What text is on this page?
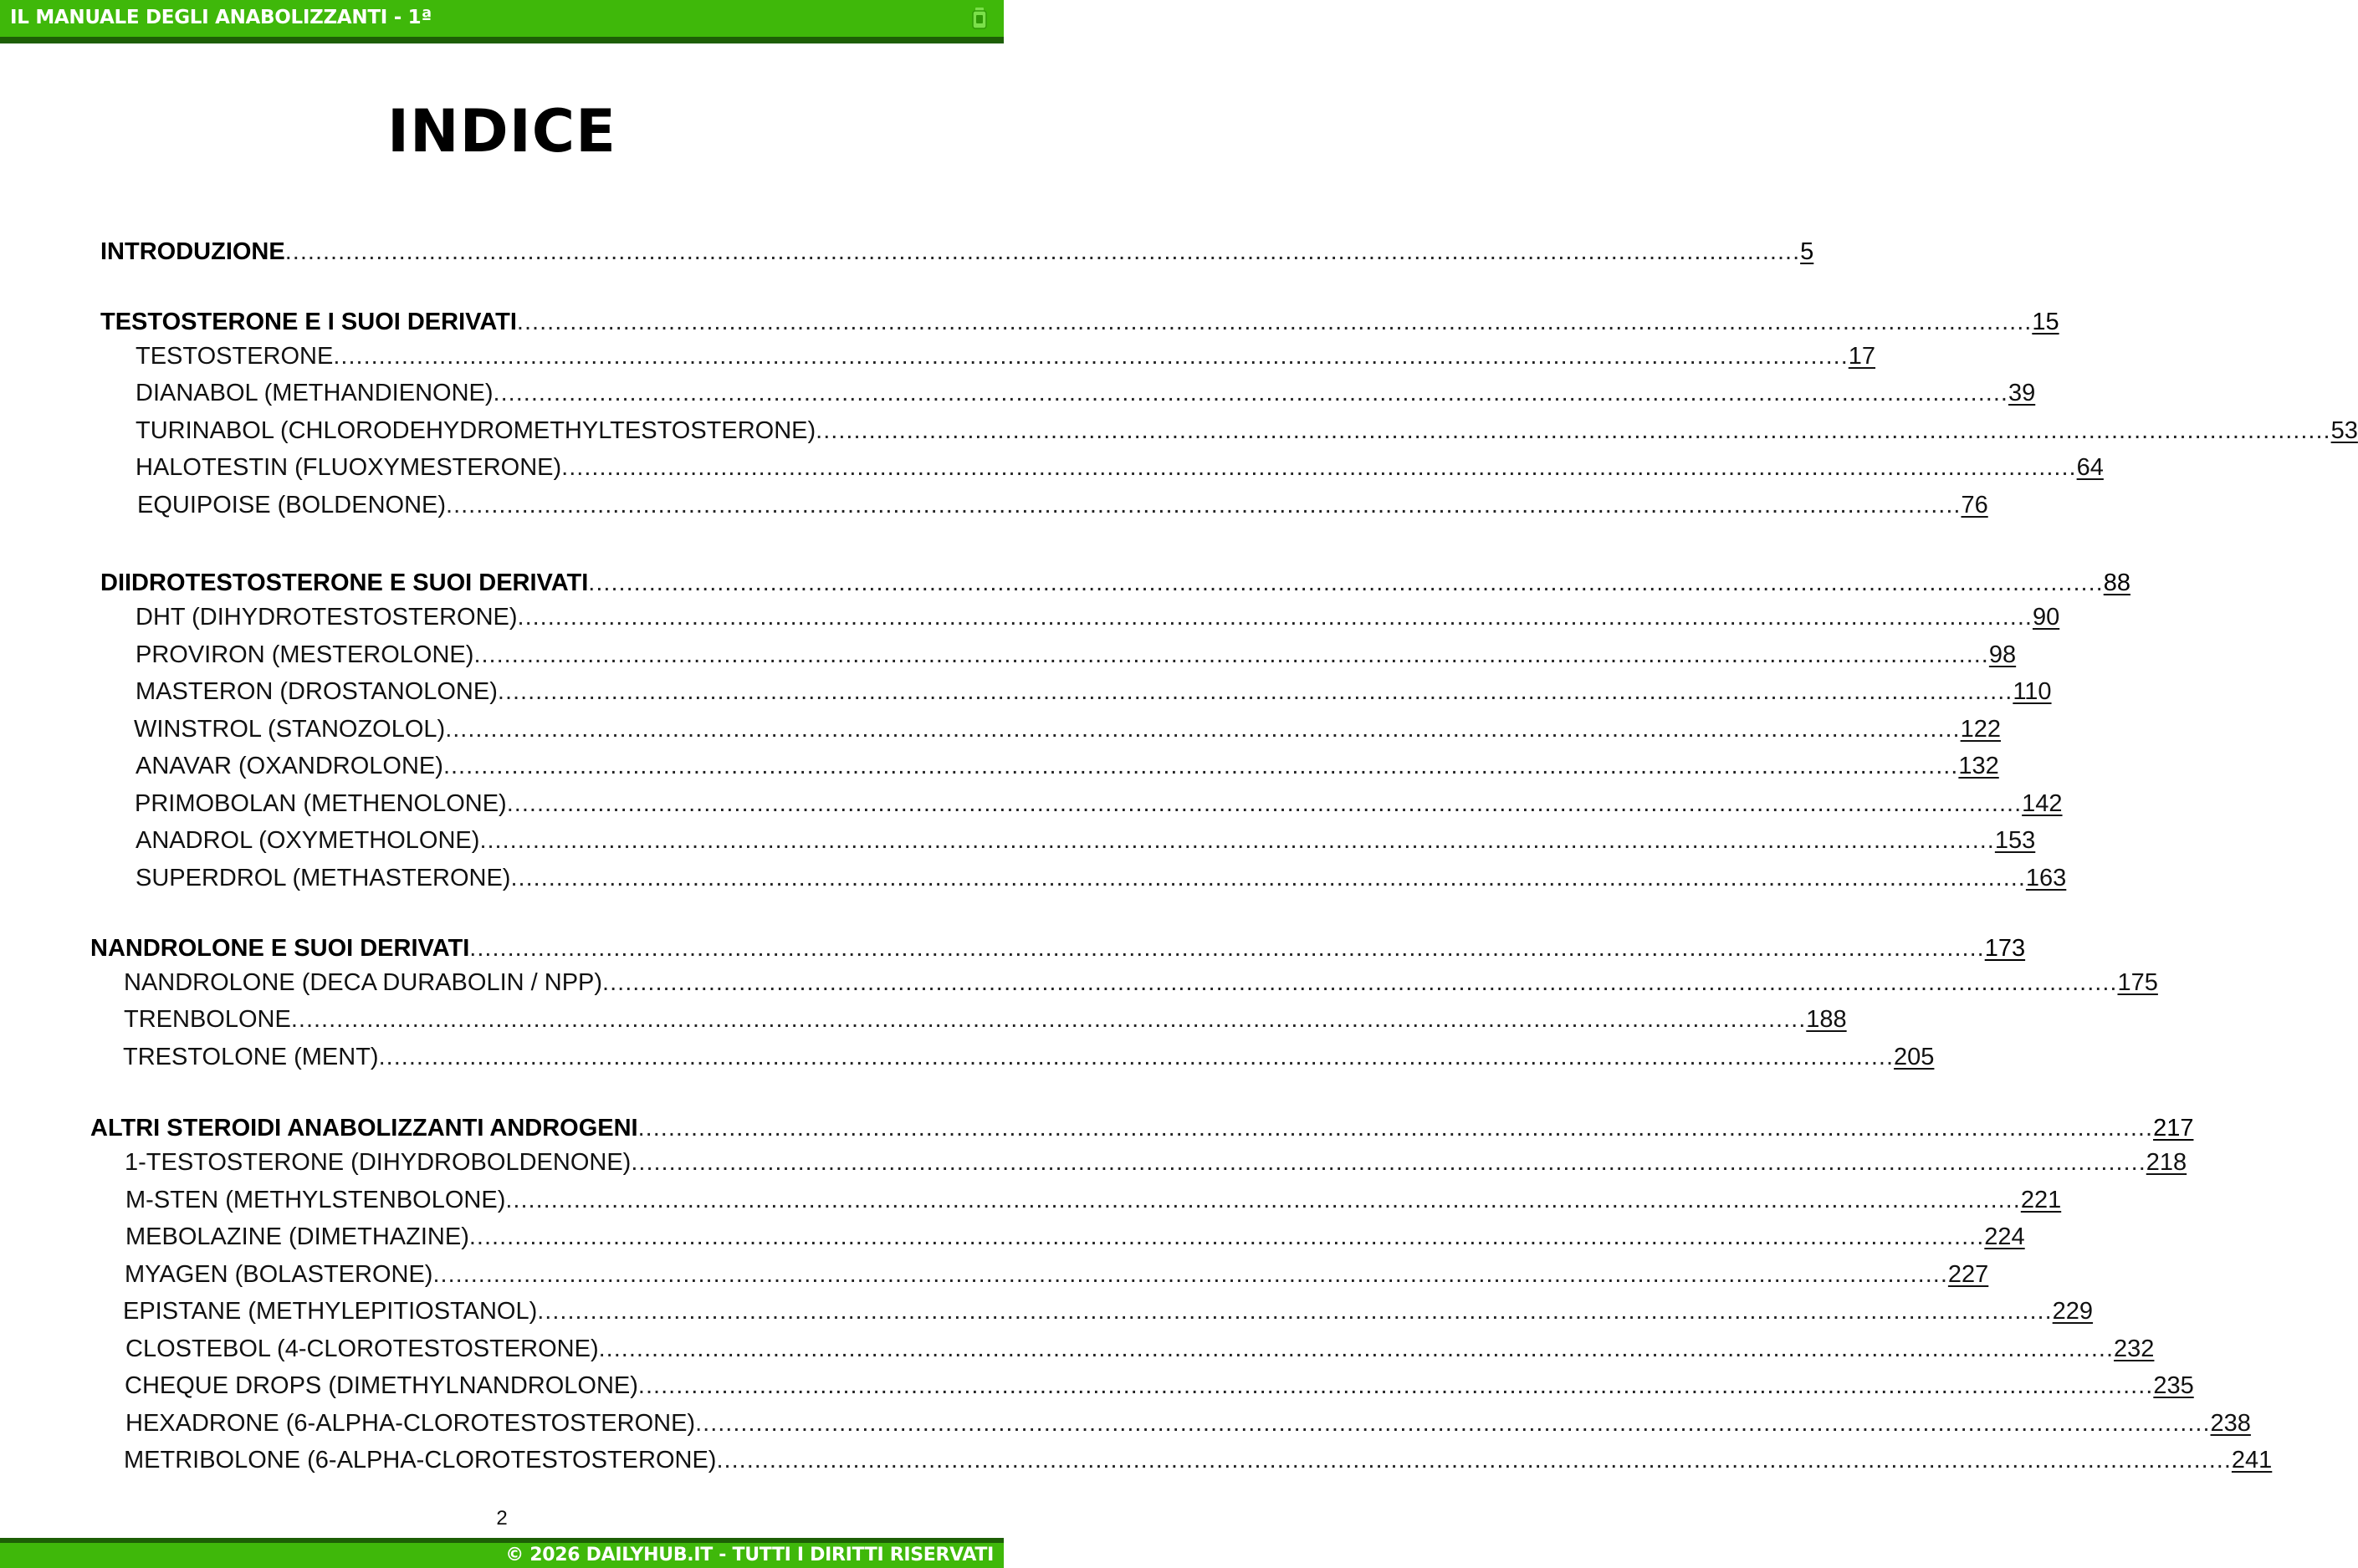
IL MANUALE DEGLI ANABOLIZZANTI - 1ª
INDICE
INTRODUZIONE ........................................................................................................................................................................................................ 5
TESTOSTERONE E I SUOI DERIVATI ........................................................................................................................................................................................................ 15
TESTOSTERONE ........................................................................................................................................................................................................ 17
DIANABOL (METHANDIENONE) ........................................................................................................................................................................................................ 39
TURINABOL (CHLORODEHYDROMETHYLTESTOSTERONE) ........................................................................................................................................................................................................ 53
HALOTESTIN (FLUOXYMESTERONE) ........................................................................................................................................................................................................ 64
EQUIPOISE (BOLDENONE) ........................................................................................................................................................................................................ 76
DIIDROTESTOSTERONE E SUOI DERIVATI ........................................................................................................................................................................................................ 88
DHT (DIHYDROTESTOSTERONE) ........................................................................................................................................................................................................ 90
PROVIRON (MESTEROLONE) ........................................................................................................................................................................................................ 98
MASTERON (DROSTANOLONE) ........................................................................................................................................................................................................ 110
WINSTROL (STANOZOLOL) ........................................................................................................................................................................................................ 122
ANAVAR (OXANDROLONE) ........................................................................................................................................................................................................ 132
PRIMOBOLAN (METHENOLONE) ........................................................................................................................................................................................................ 142
ANADROL (OXYMETHOLONE) ........................................................................................................................................................................................................ 153
SUPERDROL (METHASTERONE) ........................................................................................................................................................................................................ 163
NANDROLONE E SUOI DERIVATI ........................................................................................................................................................................................................ 173
NANDROLONE (DECA DURABOLIN / NPP) ........................................................................................................................................................................................................ 175
TRENBOLONE ........................................................................................................................................................................................................ 188
TRESTOLONE (MENT) ........................................................................................................................................................................................................ 205
ALTRI STEROIDI ANABOLIZZANTI ANDROGENI ........................................................................................................................................................................................................ 217
1-TESTOSTERONE (DIHYDROBOLDENONE) ........................................................................................................................................................................................................ 218
M-STEN (METHYLSTENBOLONE) ........................................................................................................................................................................................................ 221
MEBOLAZINE (DIMETHAZINE) ........................................................................................................................................................................................................ 224
MYAGEN (BOLASTERONE) ........................................................................................................................................................................................................ 227
EPISTANE (METHYLEPITIOSTANOL) ........................................................................................................................................................................................................ 229
CLOSTEBOL (4-CLOROTESTOSTERONE) ........................................................................................................................................................................................................ 232
CHEQUE DROPS (DIMETHYLNANDROLONE) ........................................................................................................................................................................................................ 235
HEXADRONE (6-ALPHA-CLOROTESTOSTERONE) ........................................................................................................................................................................................................ 238
METRIBOLONE (6-ALPHA-CLOROTESTOSTERONE) ........................................................................................................................................................................................................ 241
2
© 2026 DAILYHUB.IT - TUTTI I DIRITTI RISERVATI
